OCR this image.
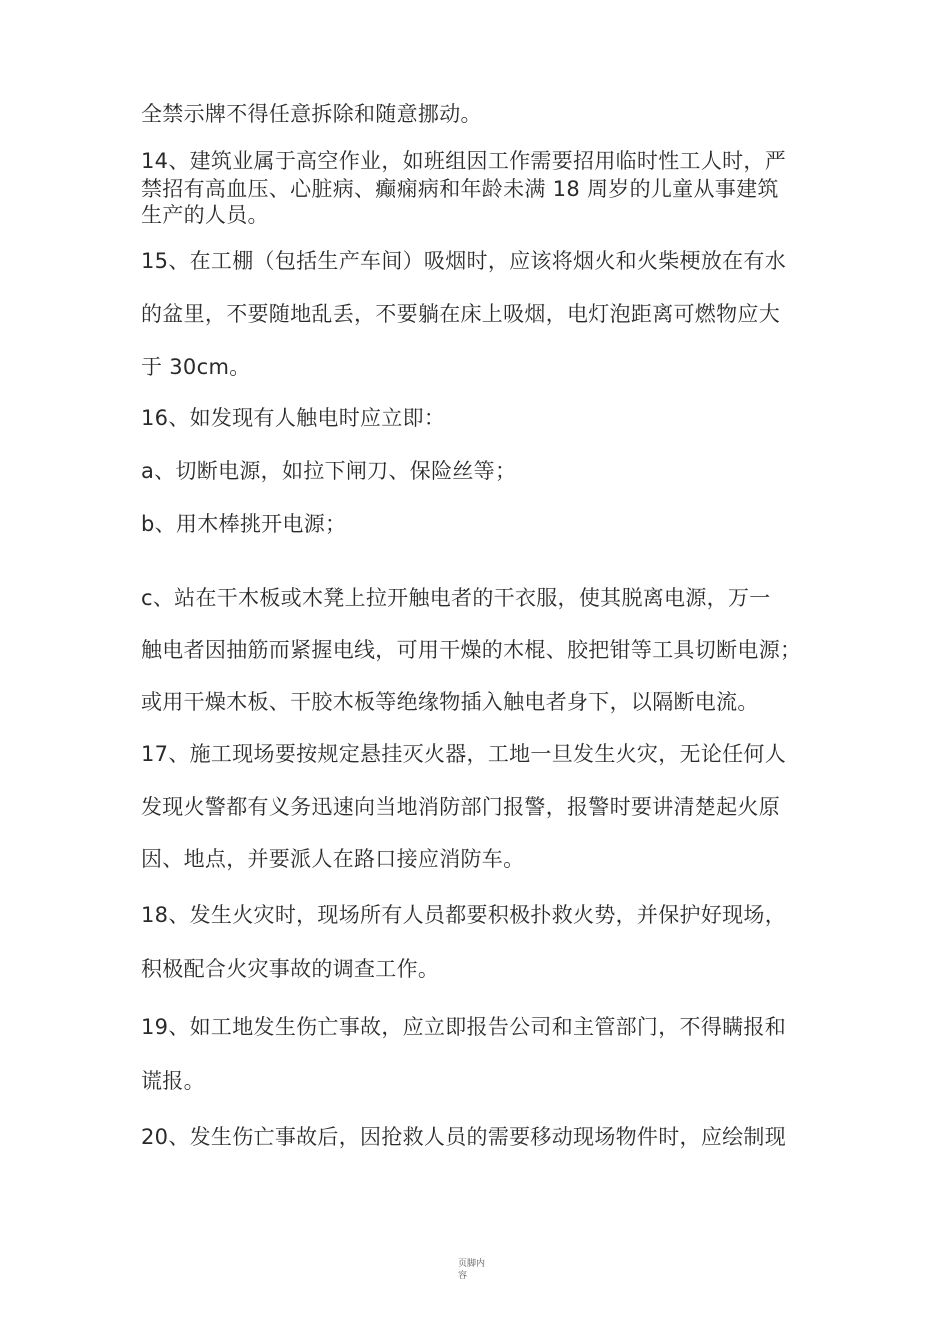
全禁示牌不得任意拆除和随意挪动。
14、建筑业属于高空作业，如班组因工作需要招用临时性工人时，严
禁招有高血压、心脏病、癫痫病和年龄未满 18 周岁的儿童从事建筑
生产的人员。
15、在工棚（包括生产车间）吸烟时，应该将烟火和火柴梗放在有水
的盆里，不要随地乱丢，不要躺在床上吸烟，电灯泡距离可燃物应大
于 30cm。
16、如发现有人触电时应立即：
a、切断电源，如拉下闸刀、保险丝等；
b、用木棒挑开电源；
c、站在干木板或木凳上拉开触电者的干衣服，使其脱离电源，万一
触电者因抽筋而紧握电线，可用干燥的木棍、胶把钳等工具切断电源；
或用干燥木板、干胶木板等绝缘物插入触电者身下，以隔断电流。
17、施工现场要按规定悬挂灭火器，工地一旦发生火灾，无论任何人
发现火警都有义务迅速向当地消防部门报警，报警时要讲清楚起火原
因、地点，并要派人在路口接应消防车。
18、发生火灾时，现场所有人员都要积极扑救火势，并保护好现场，
积极配合火灾事故的调查工作。
19、如工地发生伤亡事故，应立即报告公司和主管部门，不得瞒报和
谎报。
20、发生伤亡事故后，因抢救人员的需要移动现场物件时，应绘制现
页脚内
容
